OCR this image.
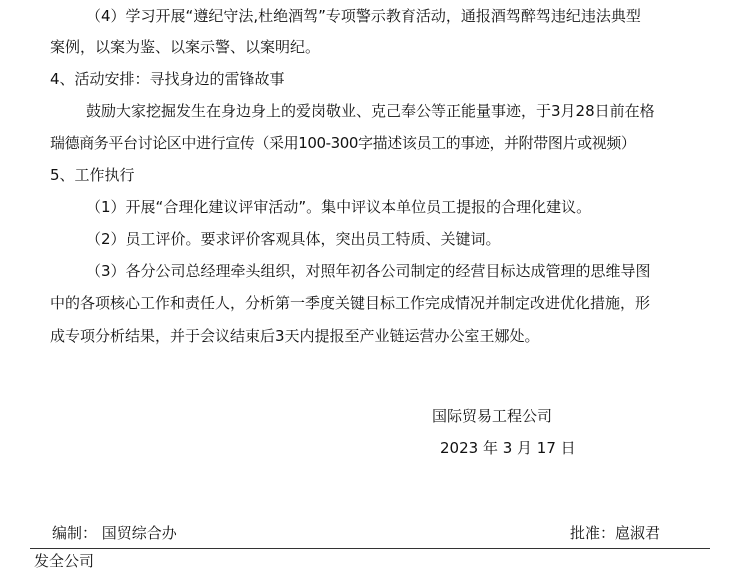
（4）学习开展“遵纪守法,杜绝酒驾”专项警示教育活动，通报酒驾醉驾违纪违法典型

案例，以案为鉴、以案示警、以案明纪。

4、活动安排：寻找身边的雷锋故事

鼓励大家挖掘发生在身边身上的爱岗敬业、克己奉公等正能量事迹，于3月28日前在格

瑞德商务平台讨论区中进行宣传（采用100-300字描述该员工的事迹，并附带图片或视频）

5、工作执行

（1）开展“合理化建议评审活动”。集中评议本单位员工提报的合理化建议。

（2）员工评价。要求评价客观具体，突出员工特质、关键词。

（3）各分公司总经理牵头组织，对照年初各公司制定的经营目标达成管理的思维导图

中的各项核心工作和责任人，分析第一季度关键目标工作完成情况并制定改进优化措施，形

成专项分析结果，并于会议结束后3天内提报至产业链运营办公室王娜处。

国际贸易工程公司
2023 年 3 月 17 日
编制： 国贸综合办	批准：扈淑君
发全公司
